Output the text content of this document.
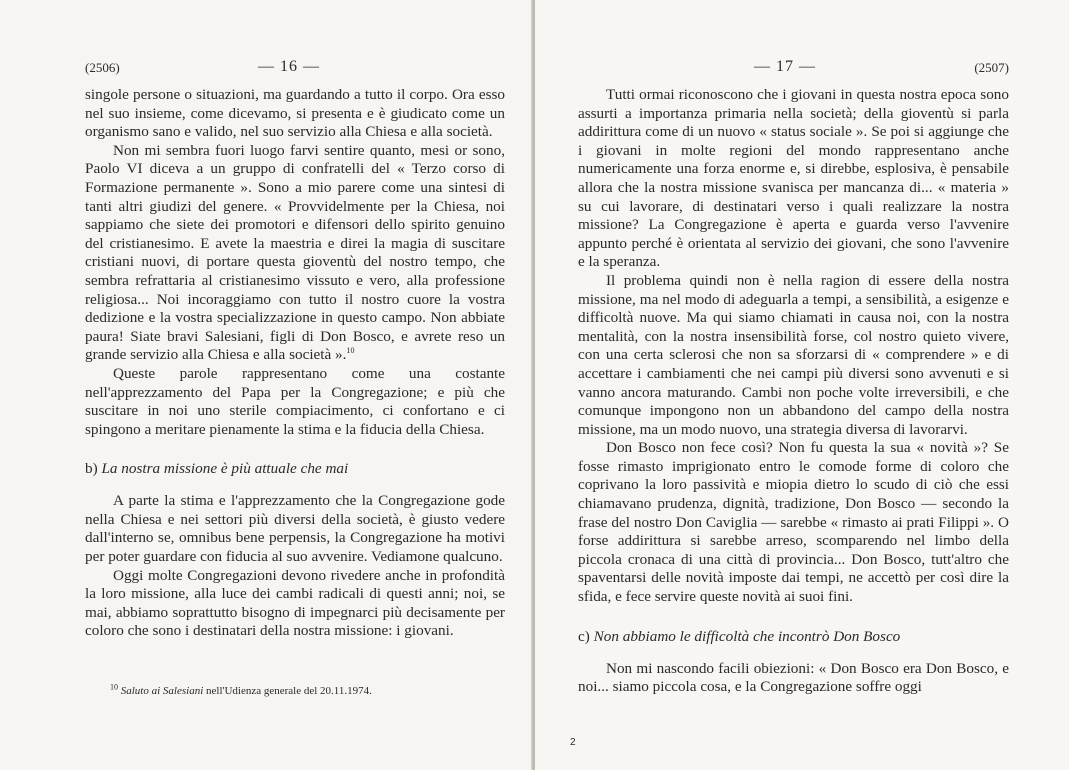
(2506)	— 16 —

singole persone o situazioni, ma guardando a tutto il corpo. Ora esso nel suo insieme, come dicevamo, si presenta e è giudicato come un organismo sano e valido, nel suo servizio alla Chiesa e alla società.

Non mi sembra fuori luogo farvi sentire quanto, mesi or sono, Paolo VI diceva a un gruppo di confratelli del « Terzo corso di Formazione permanente ». Sono a mio parere come una sintesi di tanti altri giudizi del genere. « Provvidelmente per la Chiesa, noi sappiamo che siete dei promotori e difensori dello spirito genuino del cristianesimo. E avete la maestria e direi la magia di suscitare cristiani nuovi, di portare questa gioventù del nostro tempo, che sembra refrattaria al cristianesimo vissuto e vero, alla professione religiosa... Noi incoraggiamo con tutto il nostro cuore la vostra dedizione e la vostra specializzazione in questo campo. Non abbiate paura! Siate bravi Salesiani, figli di Don Bosco, e avrete reso un grande servizio alla Chiesa e alla società ».$^{10}$

Queste parole rappresentano come una costante nell'apprezzamento del Papa per la Congregazione; e più che suscitare in noi uno sterile compiacimento, ci confortano e ci spingono a meritare pienamente la stima e la fiducia della Chiesa.

b) La nostra missione è più attuale che mai

A parte la stima e l'apprezzamento che la Congregazione gode nella Chiesa e nei settori più diversi della società, è giusto vedere dall'interno se, omnibus bene perpensis, la Congregazione ha motivi per poter guardare con fiducia al suo avvenire. Vediamone qualcuno.

Oggi molte Congregazioni devono rivedere anche in profondità la loro missione, alla luce dei cambi radicali di questi anni; noi, se mai, abbiamo soprattutto bisogno di impegnarci più decisamente per coloro che sono i destinatari della nostra missione: i giovani.

$^{10}$ Saluto ai Salesiani nell'Udienza generale del 20.11.1974.
— 17 —	(2507)

Tutti ormai riconoscono che i giovani in questa nostra epoca sono assurti a importanza primaria nella società; della gioventù si parla addirittura come di un nuovo « status sociale ». Se poi si aggiunge che i giovani in molte regioni del mondo rappresentano anche numericamente una forza enorme e, si direbbe, esplosiva, è pensabile allora che la nostra missione svanisca per mancanza di... « materia » su cui lavorare, di destinatari verso i quali realizzare la nostra missione? La Congregazione è aperta e guarda verso l'avvenire appunto perché è orientata al servizio dei giovani, che sono l'avvenire e la speranza.

Il problema quindi non è nella ragion di essere della nostra missione, ma nel modo di adeguarla a tempi, a sensibilità, a esigenze e difficoltà nuove. Ma qui siamo chiamati in causa noi, con la nostra mentalità, con la nostra insensibilità forse, col nostro quieto vivere, con una certa sclerosi che non sa sforzarsi di « comprendere » e di accettare i cambiamenti che nei campi più diversi sono avvenuti e si vanno ancora maturando. Cambi non poche volte irreversibili, e che comunque impongono non un abbandono del campo della nostra missione, ma un modo nuovo, una strategia diversa di lavorarvi.

Don Bosco non fece così? Non fu questa la sua « novità »? Se fosse rimasto imprigionato entro le comode forme di coloro che coprivano la loro passività e miopia dietro lo scudo di ciò che essi chiamavano prudenza, dignità, tradizione, Don Bosco — secondo la frase del nostro Don Caviglia — sarebbe « rimasto ai prati Filippi ». O forse addirittura si sarebbe arreso, scomparendo nel limbo della piccola cronaca di una città di provincia... Don Bosco, tutt'altro che spaventarsi delle novità imposte dai tempi, ne accettò per così dire la sfida, e fece servire queste novità ai suoi fini.

c) Non abbiamo le difficoltà che incontrò Don Bosco

Non mi nascondo facili obiezioni: « Don Bosco era Don Bosco, e noi... siamo piccola cosa, e la Congregazione soffre oggi

2
